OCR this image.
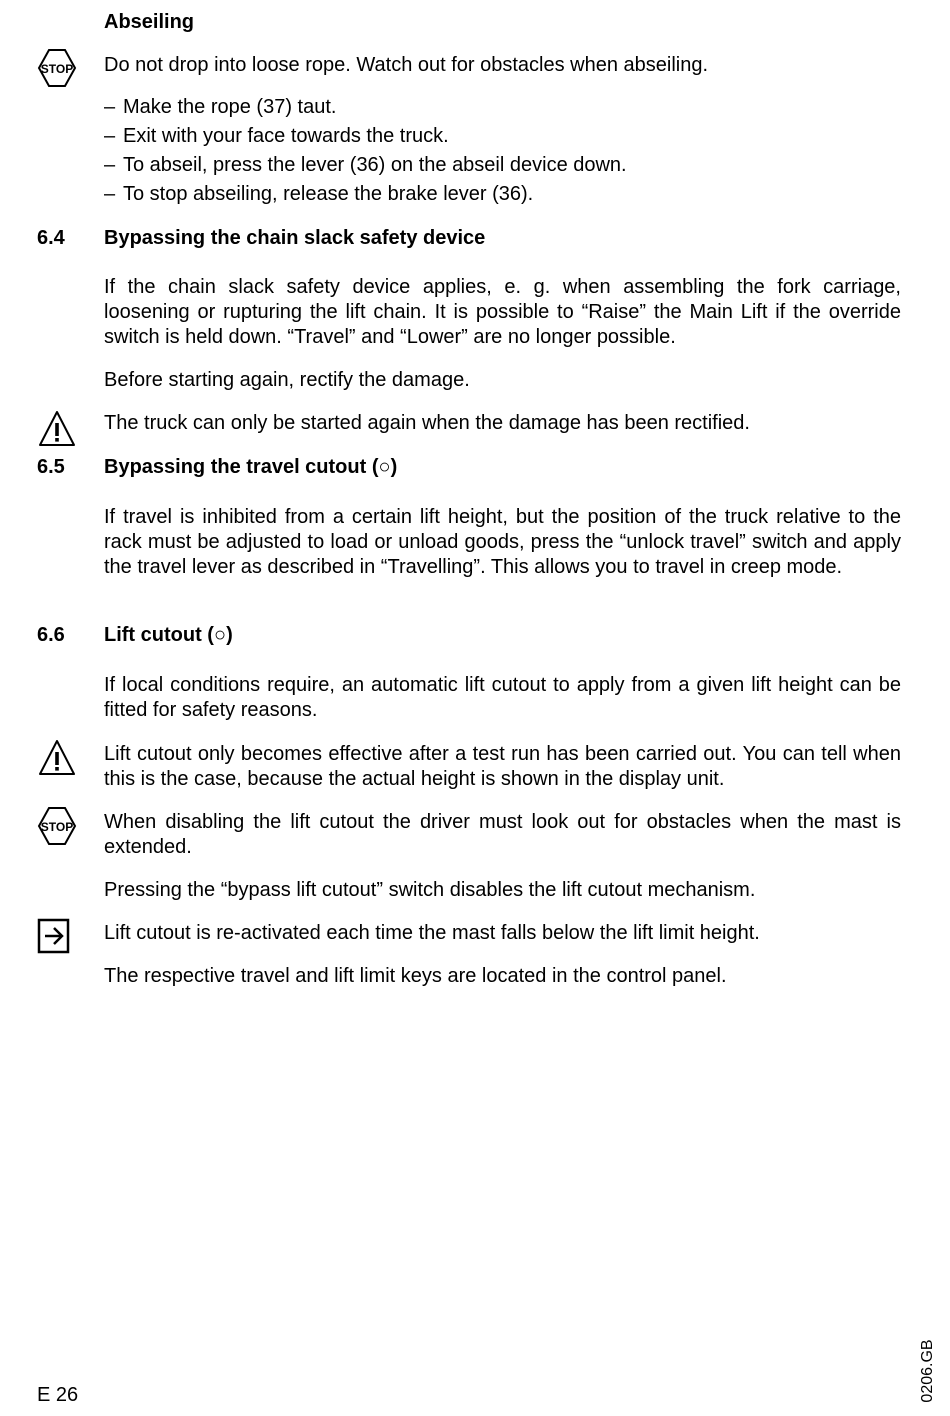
Abseiling
STOP Do not drop into loose rope. Watch out for obstacles when abseiling.
– Make the rope (37) taut.
– Exit with your face towards the truck.
– To abseil, press the lever (36) on the abseil device down.
– To stop abseiling, release the brake lever (36).
6.4 Bypassing the chain slack safety device
If the chain slack safety device applies, e. g. when assembling the fork carriage, loosening or rupturing the lift chain. It is possible to “Raise” the Main Lift if the override switch is held down. “Travel” and “Lower” are no longer possible.
Before starting again, rectify the damage.
The truck can only be started again when the damage has been rectified.
6.5 Bypassing the travel cutout (○)
If travel is inhibited from a certain lift height, but the position of the truck relative to the rack must be adjusted to load or unload goods, press the “unlock travel” switch and apply the travel lever as described in “Travelling”. This allows you to travel in creep mode.
6.6 Lift cutout (○)
If local conditions require, an automatic lift cutout to apply from a given lift height can be fitted for safety reasons.
Lift cutout only becomes effective after a test run has been carried out. You can tell when this is the case, because the actual height is shown in the display unit.
STOP When disabling the lift cutout the driver must look out for obstacles when the mast is extended.
Pressing the “bypass lift cutout” switch disables the lift cutout mechanism.
Lift cutout is re-activated each time the mast falls below the lift limit height.
The respective travel and lift limit keys are located in the control panel.
E 26	0206.GB
